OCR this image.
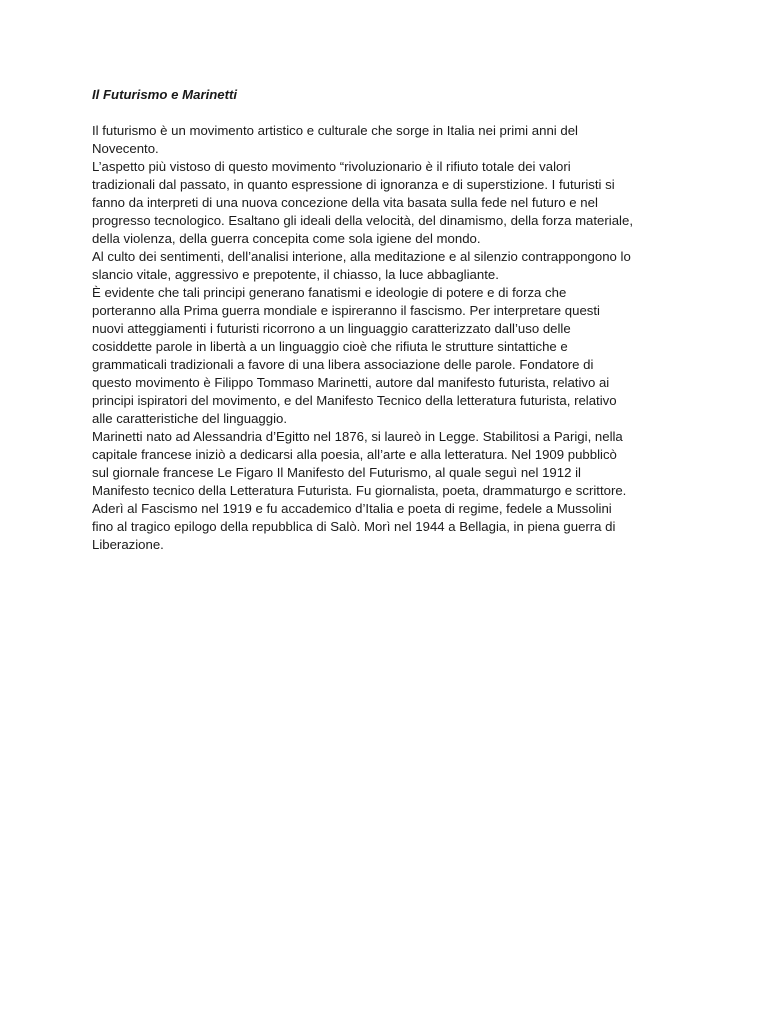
Il Futurismo e Marinetti
Il futurismo è un movimento artistico e culturale che sorge in Italia nei primi anni del
Novecento.
L’aspetto più vistoso di questo movimento “rivoluzionario è il rifiuto totale dei valori
tradizionali dal passato, in quanto espressione di ignoranza e di superstizione. I futuristi si
fanno da interpreti di una nuova concezione della vita basata sulla fede nel futuro e nel
progresso tecnologico. Esaltano gli ideali della velocità, del dinamismo, della forza materiale,
della violenza, della guerra concepita come sola igiene del mondo.
Al culto dei sentimenti, dell’analisi interione, alla meditazione e al silenzio contrappongono lo
slancio vitale, aggressivo e prepotente, il chiasso, la luce abbagliante.
È evidente che tali principi generano fanatismi e ideologie di potere e di forza che
porteranno alla Prima guerra mondiale e ispireranno il fascismo. Per interpretare questi
nuovi atteggiamenti i futuristi ricorrono a un linguaggio caratterizzato dall’uso delle
cosiddette parole in libertà a un linguaggio cioè che rifiuta le strutture sintattiche e
grammaticali tradizionali a favore di una libera associazione delle parole. Fondatore di
questo movimento è Filippo Tommaso Marinetti, autore dal manifesto futurista, relativo ai
principi ispiratori del movimento, e del Manifesto Tecnico della letteratura futurista, relativo
alle caratteristiche del linguaggio.
Marinetti nato ad Alessandria d’Egitto nel 1876, si laureò in Legge. Stabilitosi a Parigi, nella
capitale francese iniziò a dedicarsi alla poesia, all’arte e alla letteratura. Nel 1909 pubblicò
sul giornale francese Le Figaro Il Manifesto del Futurismo, al quale seguì nel 1912 il
Manifesto tecnico della Letteratura Futurista. Fu giornalista, poeta, drammaturgo e scrittore.
Aderì al Fascismo nel 1919 e fu accademico d’Italia e poeta di regime, fedele a Mussolini
fino al tragico epilogo della repubblica di Salò. Morì nel 1944 a Bellagia, in piena guerra di
Liberazione.
